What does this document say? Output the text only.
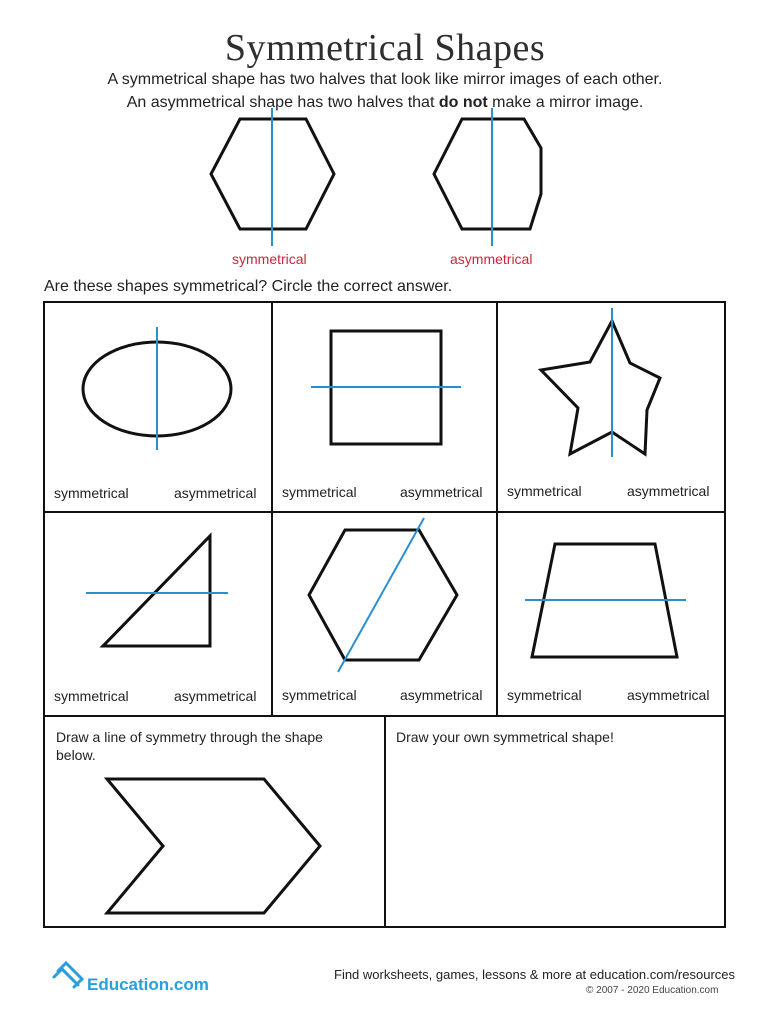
Symmetrical Shapes
A symmetrical shape has two halves that look like mirror images of each other.
An asymmetrical shape has two halves that do not make a mirror image.
symmetrical	asymmetrical
Are these shapes symmetrical? Circle the correct answer.
symmetrical	asymmetrical symmetrical	asymmetrical symmetrical	asymmetrical
symmetrical	asymmetrical symmetrical	asymmetrical symmetrical	asymmetrical
Draw a line of symmetry through the shape below.
Draw your own symmetrical shape!
Education.com
Find worksheets, games, lessons & more at education.com/resources
© 2007 - 2020 Education.com
